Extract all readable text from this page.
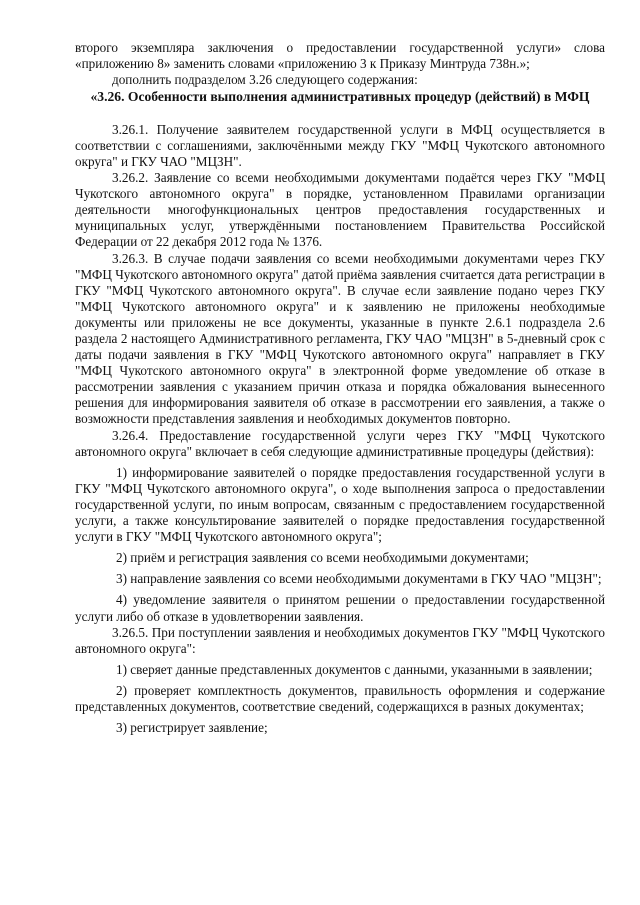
второго экземпляра заключения о предоставлении государственной услуги» слова «приложению 8» заменить словами «приложению 3 к Приказу Минтруда 738н.»;

дополнить подразделом 3.26 следующего содержания:

«3.26. Особенности выполнения административных процедур (действий) в МФЦ

3.26.1. Получение заявителем государственной услуги в МФЦ осуществляется в соответствии с соглашениями, заключёнными между ГКУ "МФЦ Чукотского автономного округа" и ГКУ ЧАО "МЦЗН".

3.26.2. Заявление со всеми необходимыми документами подаётся через ГКУ "МФЦ Чукотского автономного округа" в порядке, установленном Правилами организации деятельности многофункциональных центров предоставления государственных и муниципальных услуг, утверждёнными постановлением Правительства Российской Федерации от 22 декабря 2012 года № 1376.

3.26.3. В случае подачи заявления со всеми необходимыми документами через ГКУ "МФЦ Чукотского автономного округа" датой приёма заявления считается дата регистрации в ГКУ "МФЦ Чукотского автономного округа". В случае если заявление подано через ГКУ "МФЦ Чукотского автономного округа" и к заявлению не приложены необходимые документы или приложены не все документы, указанные в пункте 2.6.1 подраздела 2.6 раздела 2 настоящего Административного регламента, ГКУ ЧАО "МЦЗН" в 5-дневный срок с даты подачи заявления в ГКУ "МФЦ Чукотского автономного округа" направляет в ГКУ "МФЦ Чукотского автономного округа" в электронной форме уведомление об отказе в рассмотрении заявления с указанием причин отказа и порядка обжалования вынесенного решения для информирования заявителя об отказе в рассмотрении его заявления, а также о возможности представления заявления и необходимых документов повторно.

3.26.4. Предоставление государственной услуги через ГКУ "МФЦ Чукотского автономного округа" включает в себя следующие административные процедуры (действия):

1) информирование заявителей о порядке предоставления государственной услуги в ГКУ "МФЦ Чукотского автономного округа", о ходе выполнения запроса о предоставлении государственной услуги, по иным вопросам, связанным с предоставлением государственной услуги, а также консультирование заявителей о порядке предоставления государственной услуги в ГКУ "МФЦ Чукотского автономного округа";

2) приём и регистрация заявления со всеми необходимыми документами;

3) направление заявления со всеми необходимыми документами в ГКУ ЧАО "МЦЗН";

4) уведомление заявителя о принятом решении о предоставлении государственной услуги либо об отказе в удовлетворении заявления.

3.26.5. При поступлении заявления и необходимых документов ГКУ "МФЦ Чукотского автономного округа":

1) сверяет данные представленных документов с данными, указанными в заявлении;

2) проверяет комплектность документов, правильность оформления и содержание представленных документов, соответствие сведений, содержащихся в разных документах;

3) регистрирует заявление;
